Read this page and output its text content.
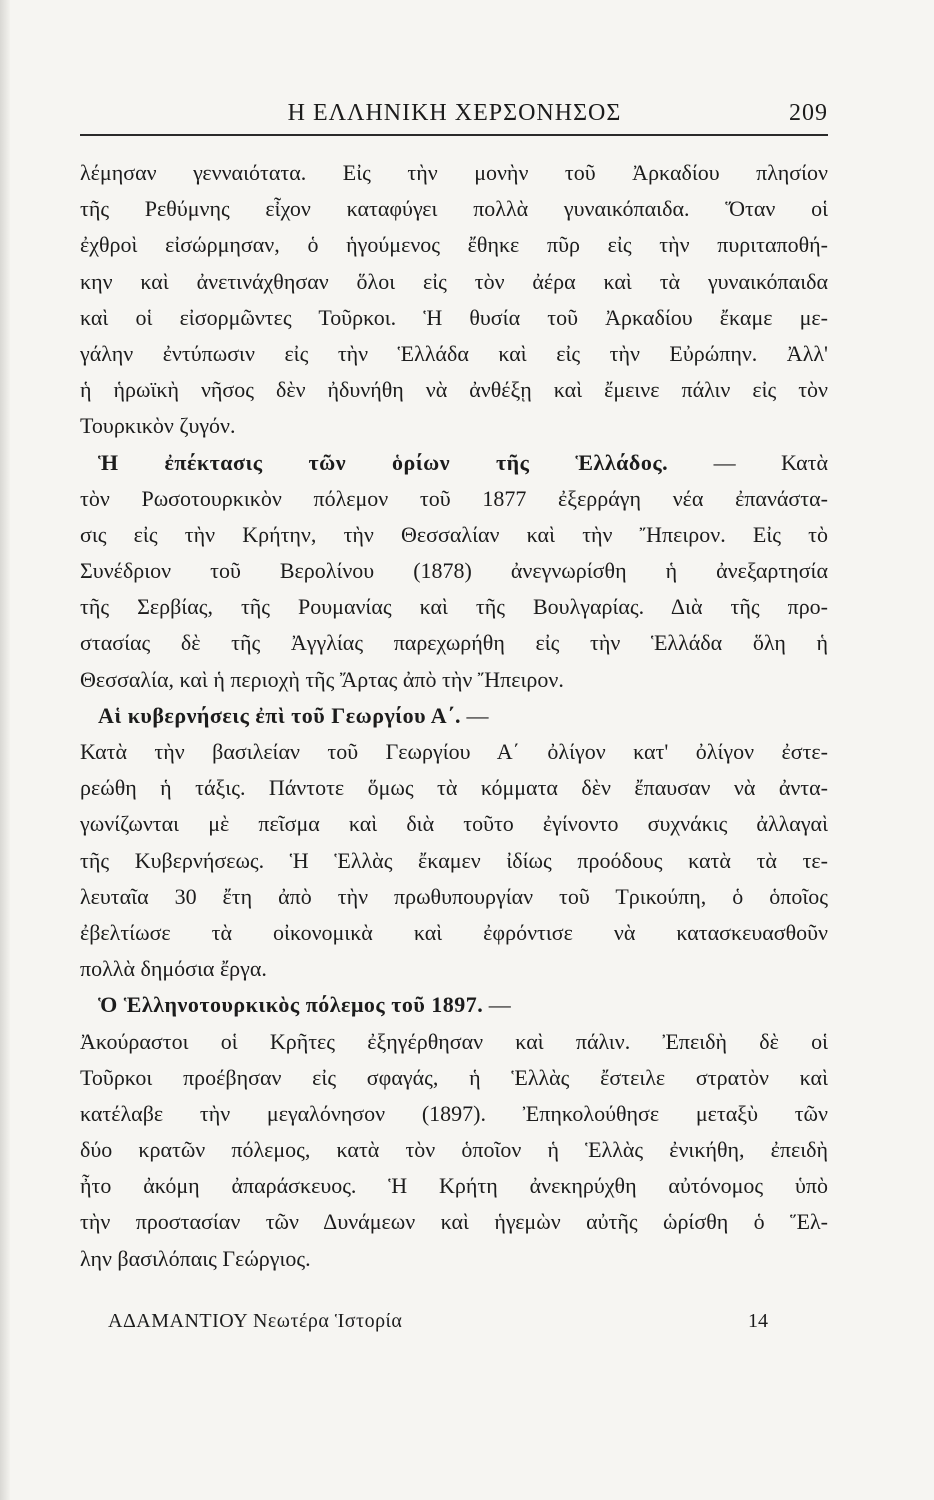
Η ΕΛΛΗΝΙΚΗ ΧΕΡΣΟΝΗΣΟΣ	209
λέμησαν γενναιότατα. Εἰς τὴν μονὴν τοῦ Ἀρκαδίου πλησίον
τῆς Ρεθύμνης εἶχον καταφύγει πολλὰ γυναικόπαιδα. Ὅταν οἱ
ἐχθροὶ εἰσώρμησαν, ὁ ἡγούμενος ἔθηκε πῦρ εἰς τὴν πυριταποθή-
κην καὶ ἀνετινάχθησαν ὅλοι εἰς τὸν ἀέρα καὶ τὰ γυναικόπαιδα
καὶ οἱ εἰσορμῶντες Τοῦρκοι. Ἡ θυσία τοῦ Ἀρκαδίου ἔκαμε με-
γάλην ἐντύπωσιν εἰς τὴν Ἑλλάδα καὶ εἰς τὴν Εὐρώπην. Ἀλλ'
ἡ ἡρωϊκὴ νῆσος δὲν ἠδυνήθη νὰ ἀνθέξῃ καὶ ἔμεινε πάλιν εἰς τὸν
Τουρκικὸν ζυγόν.
Ἡ ἐπέκτασις τῶν ὁρίων τῆς Ἑλλάδος. — Κατὰ
τὸν Ρωσοτουρκικὸν πόλεμον τοῦ 1877 ἐξερράγη νέα ἐπανάστα-
σις εἰς τὴν Κρήτην, τὴν Θεσσαλίαν καὶ τὴν Ἤπειρον. Εἰς τὸ
Συνέδριον τοῦ Βερολίνου (1878) ἀνεγνωρίσθη ἡ ἀνεξαρτησία
τῆς Σερβίας, τῆς Ρουμανίας καὶ τῆς Βουλγαρίας. Διὰ τῆς προ-
στασίας δὲ τῆς Ἀγγλίας παρεχωρήθη εἰς τὴν Ἑλλάδα ὅλη ἡ
Θεσσαλία, καὶ ἡ περιοχὴ τῆς Ἄρτας ἀπὸ τὴν Ἤπειρον.
Αἱ κυβερνήσεις ἐπὶ τοῦ Γεωργίου Α΄. —
Κατὰ τὴν βασιλείαν τοῦ Γεωργίου Α΄ ὀλίγον κατ' ὀλίγον ἐστε-
ρεώθη ἡ τάξις. Πάντοτε ὅμως τὰ κόμματα δὲν ἔπαυσαν νὰ ἀντα-
γωνίζωνται μὲ πεῖσμα καὶ διὰ τοῦτο ἐγίνοντο συχνάκις ἀλλαγαὶ
τῆς Κυβερνήσεως. Ἡ Ἑλλὰς ἔκαμεν ἰδίως προόδους κατὰ τὰ τε-
λευταῖα 30 ἔτη ἀπὸ τὴν πρωθυπουργίαν τοῦ Τρικούπη, ὁ ὁποῖος
ἐβελτίωσε τὰ οἰκονομικὰ καὶ ἐφρόντισε νὰ κατασκευασθοῦν
πολλὰ δημόσια ἔργα.
Ὁ Ἑλληνοτουρκικὸς πόλεμος τοῦ 1897. —
Ἀκούραστοι οἱ Κρῆτες ἐξηγέρθησαν καὶ πάλιν. Ἐπειδὴ δὲ οἱ
Τοῦρκοι προέβησαν εἰς σφαγάς, ἡ Ἑλλὰς ἔστειλε στρατὸν καὶ
κατέλαβε τὴν μεγαλόνησον (1897). Ἐπηκολούθησε μεταξὺ τῶν
δύο κρατῶν πόλεμος, κατὰ τὸν ὁποῖον ἡ Ἑλλὰς ἐνικήθη, ἐπειδὴ
ἦτο ἀκόμη ἀπαράσκευος. Ἡ Κρήτη ἀνεκηρύχθη αὐτόνομος ὑπὸ
τὴν προστασίαν τῶν Δυνάμεων καὶ ἡγεμὼν αὐτῆς ὡρίσθη ὁ Ἕλ-
λην βασιλόπαις Γεώργιος.
ΑΔΑΜΑΝΤΙΟΥ Νεωτέρα Ἱστορία	14
